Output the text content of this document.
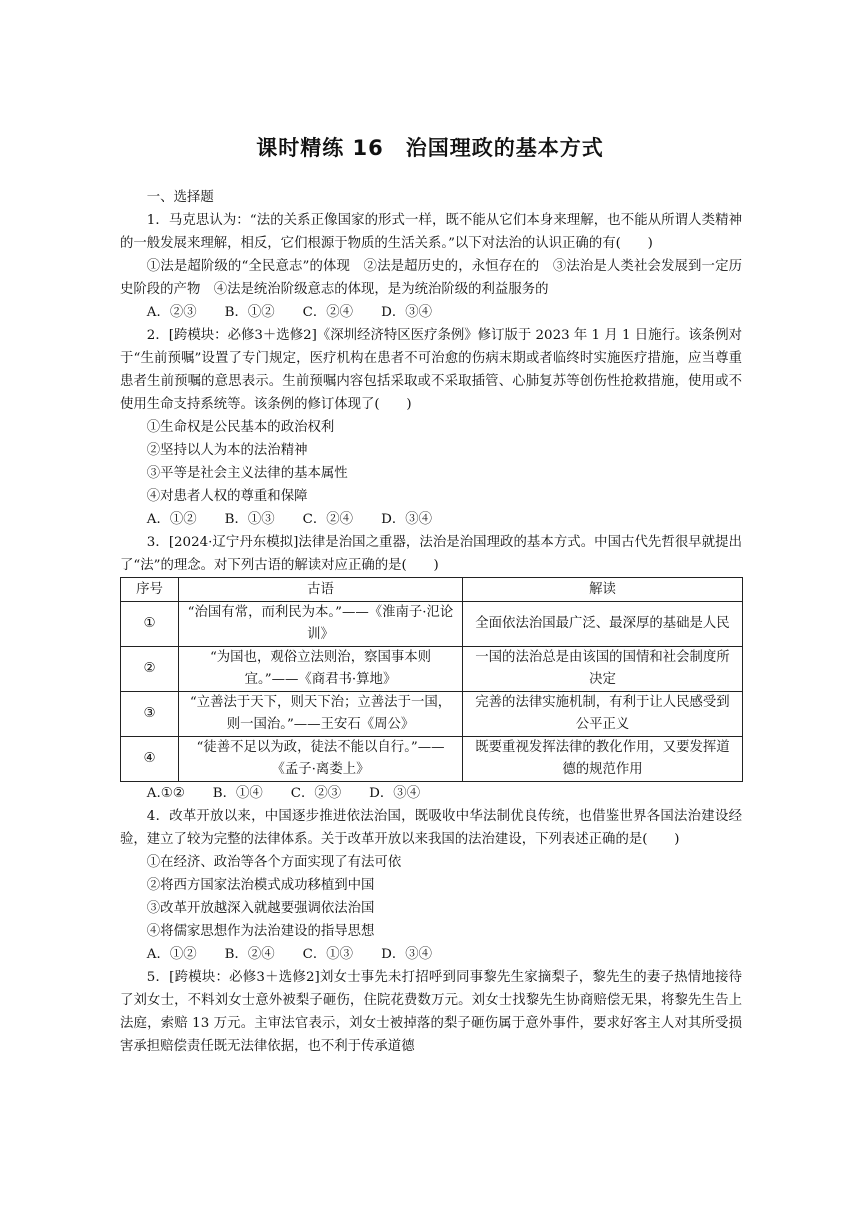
课时精练 16　治国理政的基本方式

一、选择题

1．马克思认为：“法的关系正像国家的形式一样，既不能从它们本身来理解，也不能从所谓人类精神的一般发展来理解，相反，它们根源于物质的生活关系。”以下对法治的认识正确的有(　　)

①法是超阶级的“全民意志”的体现　②法是超历史的，永恒存在的　③法治是人类社会发展到一定历史阶段的产物　④法是统治阶级意志的体现，是为统治阶级的利益服务的

A．②③ B．①② C．②④ D．③④

2．[跨模块：必修3＋选修2]《深圳经济特区医疗条例》修订版于 2023 年 1 月 1 日施行。该条例对于“生前预嘱”设置了专门规定，医疗机构在患者不可治愈的伤病末期或者临终时实施医疗措施，应当尊重患者生前预嘱的意思表示。生前预嘱内容包括采取或不采取插管、心肺复苏等创伤性抢救措施，使用或不使用生命支持系统等。该条例的修订体现了(　　)

①生命权是公民基本的政治权利

②坚持以人为本的法治精神

③平等是社会主义法律的基本属性

④对患者人权的尊重和保障

A．①② B．①③ C．②④ D．③④

3．[2024·辽宁丹东模拟]法律是治国之重器，法治是治国理政的基本方式。中国古代先哲很早就提出了“法”的理念。对下列古语的解读对应正确的是(　　)

序号	古语	解读
①	“治国有常，而利民为本。”——《淮南子·氾论训》	全面依法治国最广泛、最深厚的基础是人民
②	“为国也，观俗立法则治，察国事本则宜。”——《商君书·算地》	一国的法治总是由该国的国情和社会制度所决定
③	“立善法于天下，则天下治；立善法于一国，则一国治。”——王安石《周公》	完善的法律实施机制，有利于让人民感受到公平正义
④	“徒善不足以为政，徒法不能以自行。”——《孟子·离娄上》	既要重视发挥法律的教化作用，又要发挥道德的规范作用

A.①② B．①④ C．②③ D．③④

4．改革开放以来，中国逐步推进依法治国，既吸收中华法制优良传统，也借鉴世界各国法治建设经验，建立了较为完整的法律体系。关于改革开放以来我国的法治建设，下列表述正确的是(　　)

①在经济、政治等各个方面实现了有法可依

②将西方国家法治模式成功移植到中国

③改革开放越深入就越要强调依法治国

④将儒家思想作为法治建设的指导思想

A．①② B．②④ C．①③ D．③④

5．[跨模块：必修3＋选修2]刘女士事先未打招呼到同事黎先生家摘梨子，黎先生的妻子热情地接待了刘女士，不料刘女士意外被梨子砸伤，住院花费数万元。刘女士找黎先生协商赔偿无果，将黎先生告上法庭，索赔 13 万元。主审法官表示，刘女士被掉落的梨子砸伤属于意外事件，要求好客主人对其所受损害承担赔偿责任既无法律依据，也不利于传承道德
